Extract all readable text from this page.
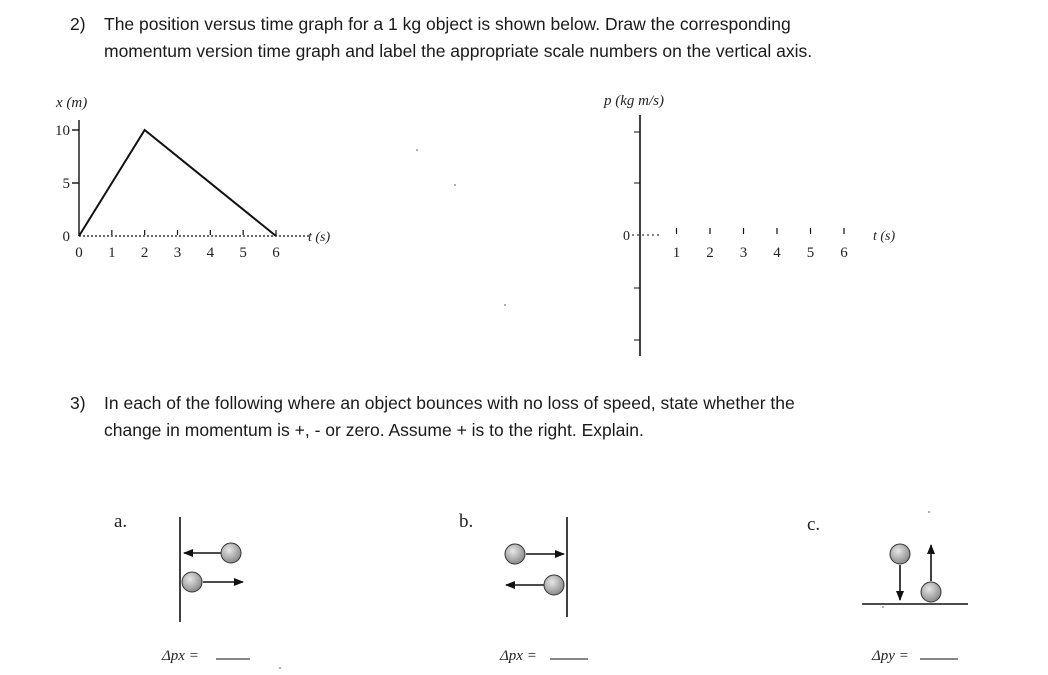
2) The position versus time graph for a 1 kg object is shown below. Draw the corresponding
momentum version time graph and label the appropriate scale numbers on the vertical axis.
3) In each of the following where an object bounces with no loss of speed, state whether the
change in momentum is +, - or zero. Assume + is to the right. Explain.
x (m)
t (s)
10
5
0
0 1 2 3 4 5 6
p (kg m/s)
0
1 2 3 4 5 6
t (s)
a.
Δpx =
b.
Δpx =
c.
Δpy =
